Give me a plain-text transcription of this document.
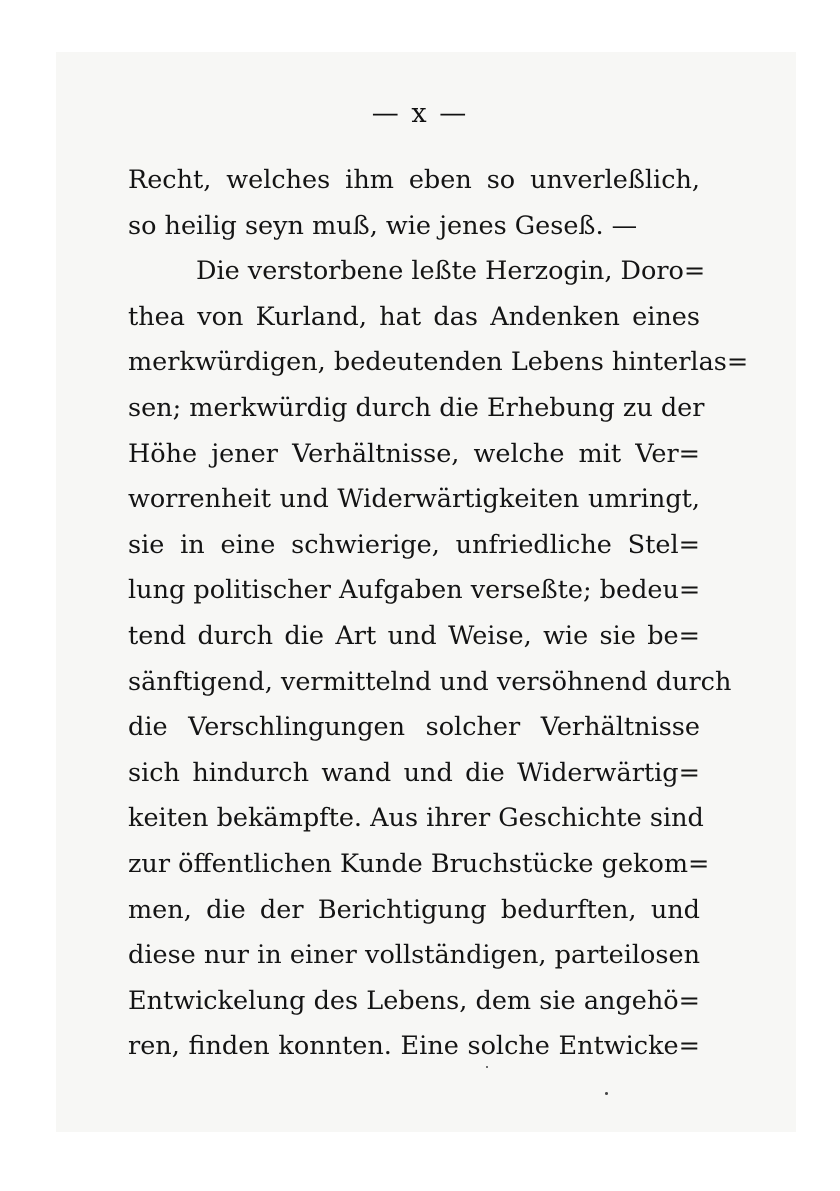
— x —
Recht, welches ihm eben so unverleßlich,
so heilig seyn muß, wie jenes Geseß. —
Die verstorbene leßte Herzogin, Doro=
thea von Kurland, hat das Andenken eines
merkwürdigen, bedeutenden Lebens hinterlas=
sen; merkwürdig durch die Erhebung zu der
Höhe jener Verhältnisse, welche mit Ver=
worrenheit und Widerwärtigkeiten umringt,
sie in eine schwierige, unfriedliche Stel=
lung politischer Aufgaben verseßte; bedeu=
tend durch die Art und Weise, wie sie be=
sänftigend, vermittelnd und versöhnend durch
die Verschlingungen solcher Verhältnisse
sich hindurch wand und die Widerwärtig=
keiten bekämpfte. Aus ihrer Geschichte sind
zur öffentlichen Kunde Bruchstücke gekom=
men, die der Berichtigung bedurften, und
diese nur in einer vollständigen, parteilosen
Entwickelung des Lebens, dem sie angehö=
ren, finden konnten. Eine solche Entwicke=
